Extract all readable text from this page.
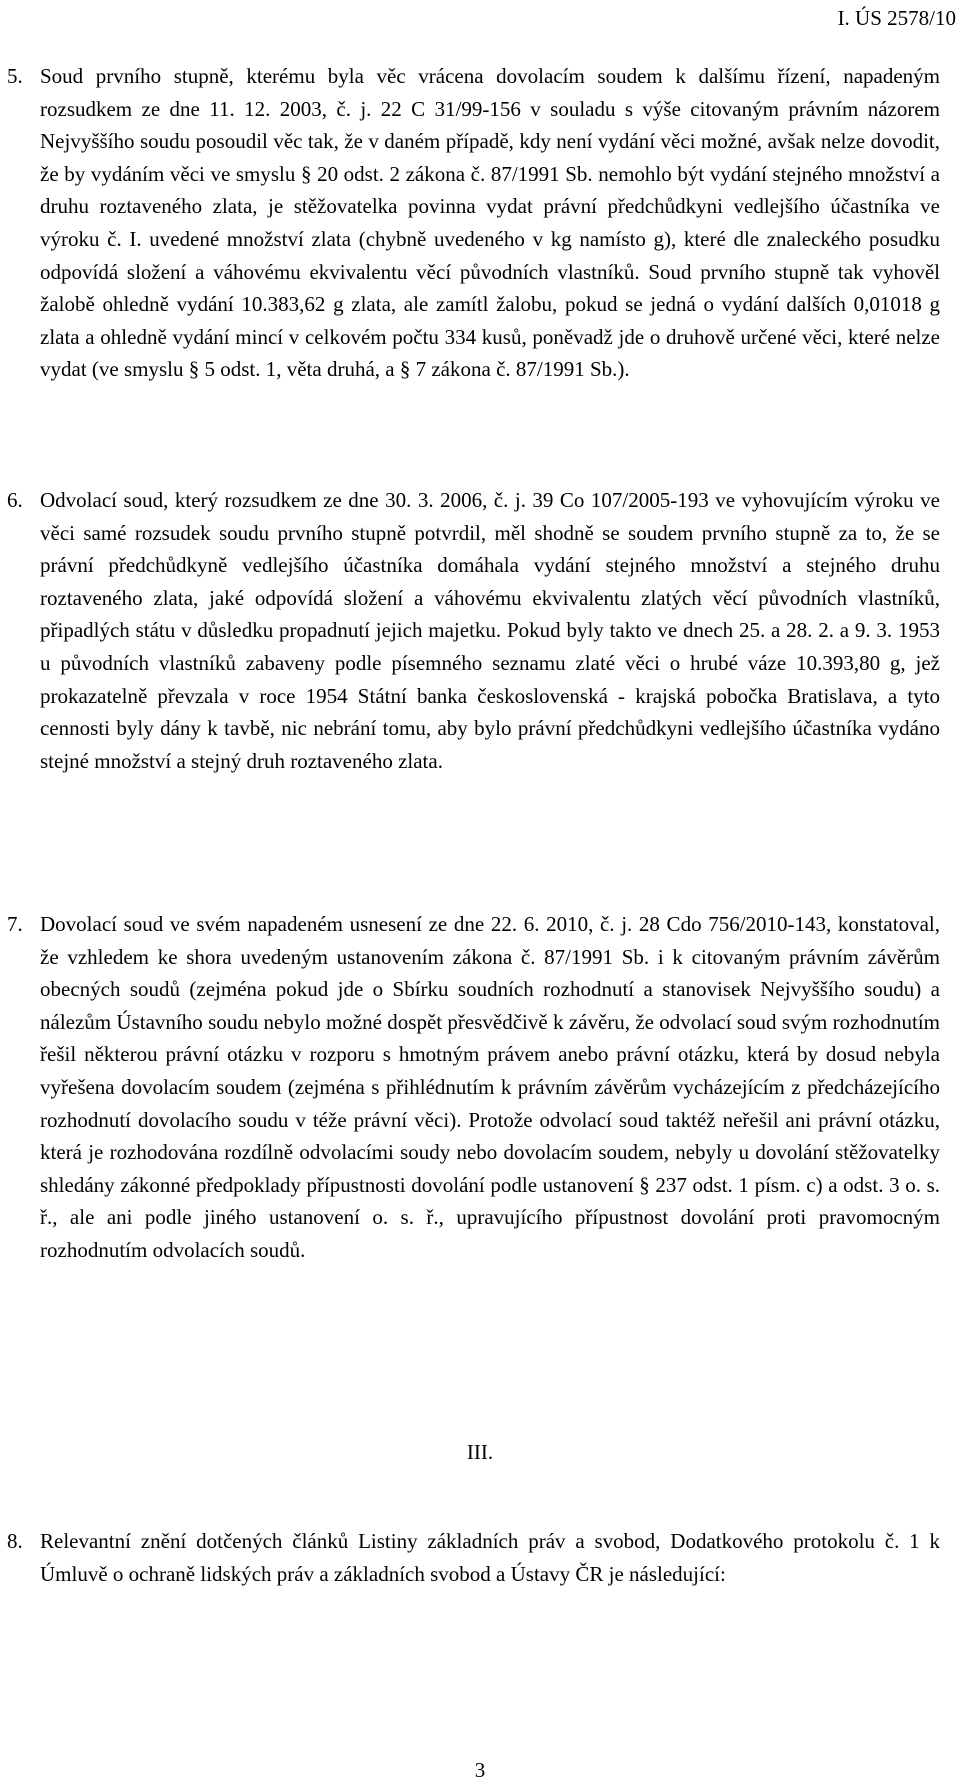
I. ÚS 2578/10
5. Soud prvního stupně, kterému byla věc vrácena dovolacím soudem k dalšímu řízení, napadeným rozsudkem ze dne 11. 12. 2003, č. j. 22 C 31/99-156 v souladu s výše citovaným právním názorem Nejvyššího soudu posoudil věc tak, že v daném případě, kdy není vydání věci možné, avšak nelze dovodit, že by vydáním věci ve smyslu § 20 odst. 2 zákona č. 87/1991 Sb. nemohlo být vydání stejného množství a druhu roztaveného zlata, je stěžovatelka povinna vydat právní předchůdkyni vedlejšího účastníka ve výroku č. I. uvedené množství zlata (chybně uvedeného v kg namísto g), které dle znaleckého posudku odpovídá složení a váhovému ekvivalentu věcí původních vlastníků. Soud prvního stupně tak vyhověl žalobě ohledně vydání 10.383,62 g zlata, ale zamítl žalobu, pokud se jedná o vydání dalších 0,01018 g zlata a ohledně vydání mincí v celkovém počtu 334 kusů, poněvadž jde o druhově určené věci, které nelze vydat (ve smyslu § 5 odst. 1, věta druhá, a § 7 zákona č. 87/1991 Sb.).
6. Odvolací soud, který rozsudkem ze dne 30. 3. 2006, č. j. 39 Co 107/2005-193 ve vyhovujícím výroku ve věci samé rozsudek soudu prvního stupně potvrdil, měl shodně se soudem prvního stupně za to, že se právní předchůdkyně vedlejšího účastníka domáhala vydání stejného množství a stejného druhu roztaveného zlata, jaké odpovídá složení a váhovému ekvivalentu zlatých věcí původních vlastníků, připadlých státu v důsledku propadnutí jejich majetku. Pokud byly takto ve dnech 25. a 28. 2. a 9. 3. 1953 u původních vlastníků zabaveny podle písemného seznamu zlaté věci o hrubé váze 10.393,80 g, jež prokazatelně převzala v roce 1954 Státní banka československá - krajská pobočka Bratislava, a tyto cennosti byly dány k tavbě, nic nebrání tomu, aby bylo právní předchůdkyni vedlejšího účastníka vydáno stejné množství a stejný druh roztaveného zlata.
7. Dovolací soud ve svém napadeném usnesení ze dne 22. 6. 2010, č. j. 28 Cdo 756/2010-143, konstatoval, že vzhledem ke shora uvedeným ustanovením zákona č. 87/1991 Sb. i k citovaným právním závěrům obecných soudů (zejména pokud jde o Sbírku soudních rozhodnutí a stanovisek Nejvyššího soudu) a nálezům Ústavního soudu nebylo možné dospět přesvědčivě k závěru, že odvolací soud svým rozhodnutím řešil některou právní otázku v rozporu s hmotným právem anebo právní otázku, která by dosud nebyla vyřešena dovolacím soudem (zejména s přihlédnutím k právním závěrům vycházejícím z předcházejícího rozhodnutí dovolacího soudu v téže právní věci). Protože odvolací soud taktéž neřešil ani právní otázku, která je rozhodována rozdílně odvolacími soudy nebo dovolacím soudem, nebyly u dovolání stěžovatelky shledány zákonné předpoklady přípustnosti dovolání podle ustanovení § 237 odst. 1 písm. c) a odst. 3 o. s. ř., ale ani podle jiného ustanovení o. s. ř., upravujícího přípustnost dovolání proti pravomocným rozhodnutím odvolacích soudů.
III.
8. Relevantní znění dotčených článků Listiny základních práv a svobod, Dodatkového protokolu č. 1 k Úmluvě o ochraně lidských práv a základních svobod a Ústavy ČR je následující:
3
